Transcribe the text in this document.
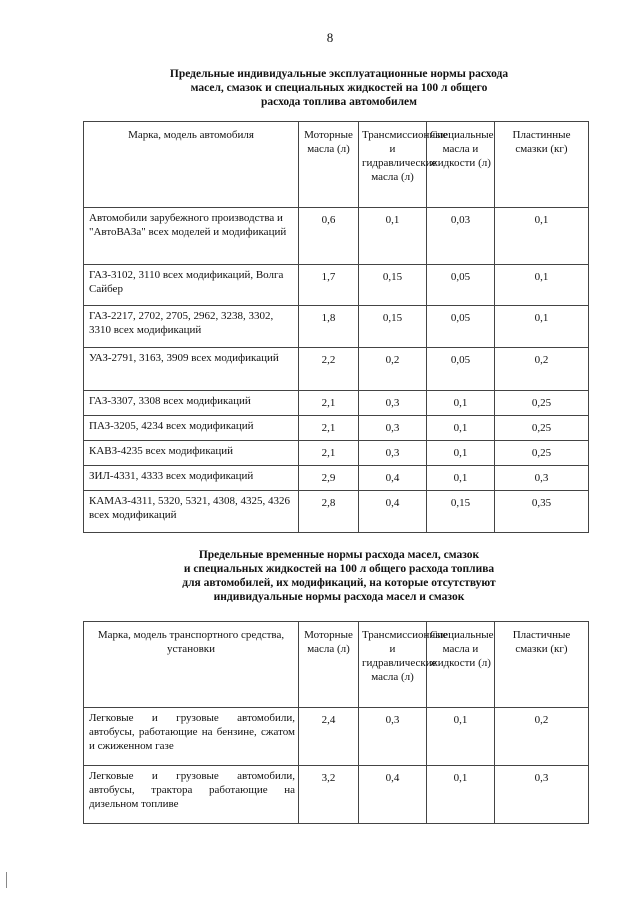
8
Предельные индивидуальные эксплуатационные нормы расхода
масел, смазок и специальных жидкостей на 100 л общего
расхода топлива автомобилем
Марка, модель автомобиля	Моторные масла (л)	Трансмиссионные и гидравлические масла (л)	Специальные масла и жидкости (л)	Пластинные смазки (кг)
Автомобили зарубежного производства и "АвтоВАЗа" всех моделей и модификаций	0,6	0,1	0,03	0,1
ГАЗ-3102, 3110 всех модификаций, Волга Сайбер	1,7	0,15	0,05	0,1
ГАЗ-2217, 2702, 2705, 2962, 3238, 3302, 3310 всех модификаций	1,8	0,15	0,05	0,1
УАЗ-2791, 3163, 3909 всех модификаций	2,2	0,2	0,05	0,2
ГАЗ-3307, 3308 всех модификаций	2,1	0,3	0,1	0,25
ПАЗ-3205, 4234 всех модификаций	2,1	0,3	0,1	0,25
КАВЗ-4235 всех модификаций	2,1	0,3	0,1	0,25
ЗИЛ-4331, 4333 всех модификаций	2,9	0,4	0,1	0,3
КАМАЗ-4311, 5320, 5321, 4308, 4325, 4326 всех модификаций	2,8	0,4	0,15	0,35
Предельные временные нормы расхода масел, смазок
и специальных жидкостей на 100 л общего расхода топлива
для автомобилей, их модификаций, на которые отсутствуют
индивидуальные нормы расхода масел и смазок
Марка, модель транспортного средства, установки	Моторные масла (л)	Трансмиссионные и гидравлические масла (л)	Специальные масла и жидкости (л)	Пластичные смазки (кг)
Легковые и грузовые автомобили, автобусы, работающие на бензине, сжатом и сжиженном газе	2,4	0,3	0,1	0,2
Легковые и грузовые автомобили, автобусы, трактора работающие на дизельном топливе	3,2	0,4	0,1	0,3
